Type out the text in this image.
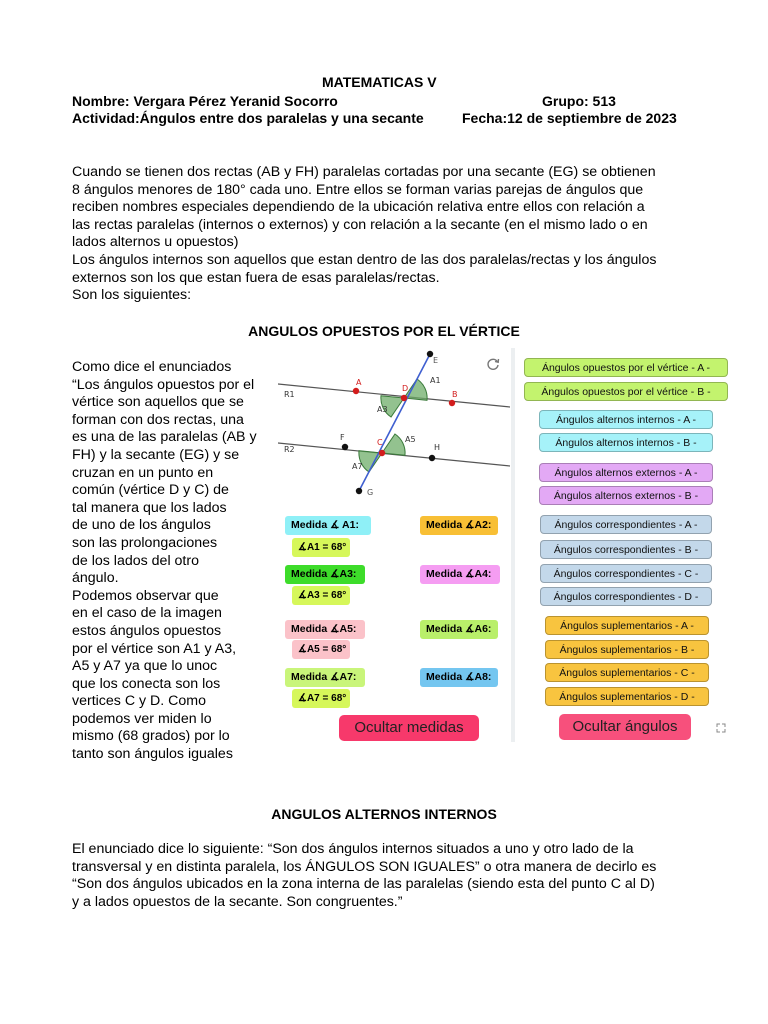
MATEMATICAS V
Nombre: Vergara Pérez Yeranid Socorro	Grupo: 513
Actividad:Ángulos entre dos paralelas y una secante	Fecha:12 de septiembre de 2023
Cuando se tienen dos rectas (AB y FH) paralelas cortadas por una secante (EG) se obtienen
8 ángulos menores de 180° cada uno. Entre ellos se forman varias parejas de ángulos que
reciben nombres especiales dependiendo de la ubicación relativa entre ellos con relación a
las rectas paralelas (internos o externos) y con relación a la secante (en el mismo lado o en
lados alternos u opuestos)
Los ángulos internos son aquellos que estan dentro de las dos paralelas/rectas y los ángulos
externos son los que estan fuera de esas paralelas/rectas.
Son los siguientes:
ANGULOS OPUESTOS POR EL VÉRTICE
Como dice el enunciados
“Los ángulos opuestos por el
vértice son aquellos que se
forman con dos rectas, una
es una de las paralelas (AB y
FH) y la secante (EG) y se
cruzan en un punto en
común (vértice D y C) de
tal manera que los lados
de uno de los ángulos
son las prolongaciones
de los lados del otro
ángulo.
Podemos observar que
en el caso de la imagen
estos ángulos opuestos
por el vértice son A1 y A3,
A5 y A7 ya que lo unoc
que los conecta son los
vertices C y D. Como
podemos ver miden lo
mismo (68 grados) por lo
tanto son ángulos iguales
E
A
D
A1
B
R1
A3
F
C	A5
H
R2
A7
G
Medida ∡ A1:
∡A1 = 68°
Medida ∡A2:
Medida ∡A3:
∡A3 = 68°
Medida ∡A4:
Medida ∡A5:
∡A5 = 68°
Medida ∡A6:
Medida ∡A7:
∡A7 = 68°
Medida ∡A8:
Ocultar medidas
Ángulos opuestos por el vértice - A -
Ángulos opuestos por el vértice - B -
Ángulos alternos internos - A -
Ángulos alternos internos - B -
Ángulos alternos externos - A -
Ángulos alternos externos - B -
Ángulos correspondientes - A -
Ángulos correspondientes - B -
Ángulos correspondientes - C -
Ángulos correspondientes - D -
Ángulos suplementarios - A -
Ángulos suplementarios - B -
Ángulos suplementarios - C -
Ángulos suplementarios - D -
Ocultar ángulos
ANGULOS ALTERNOS INTERNOS
El enunciado dice lo siguiente: “Son dos ángulos internos situados a uno y otro lado de la
transversal y en distinta paralela, los ÁNGULOS SON IGUALES” o otra manera de decirlo es
“Son dos ángulos ubicados en la zona interna de las paralelas (siendo esta del punto C al D)
y a lados opuestos de la secante. Son congruentes.”
